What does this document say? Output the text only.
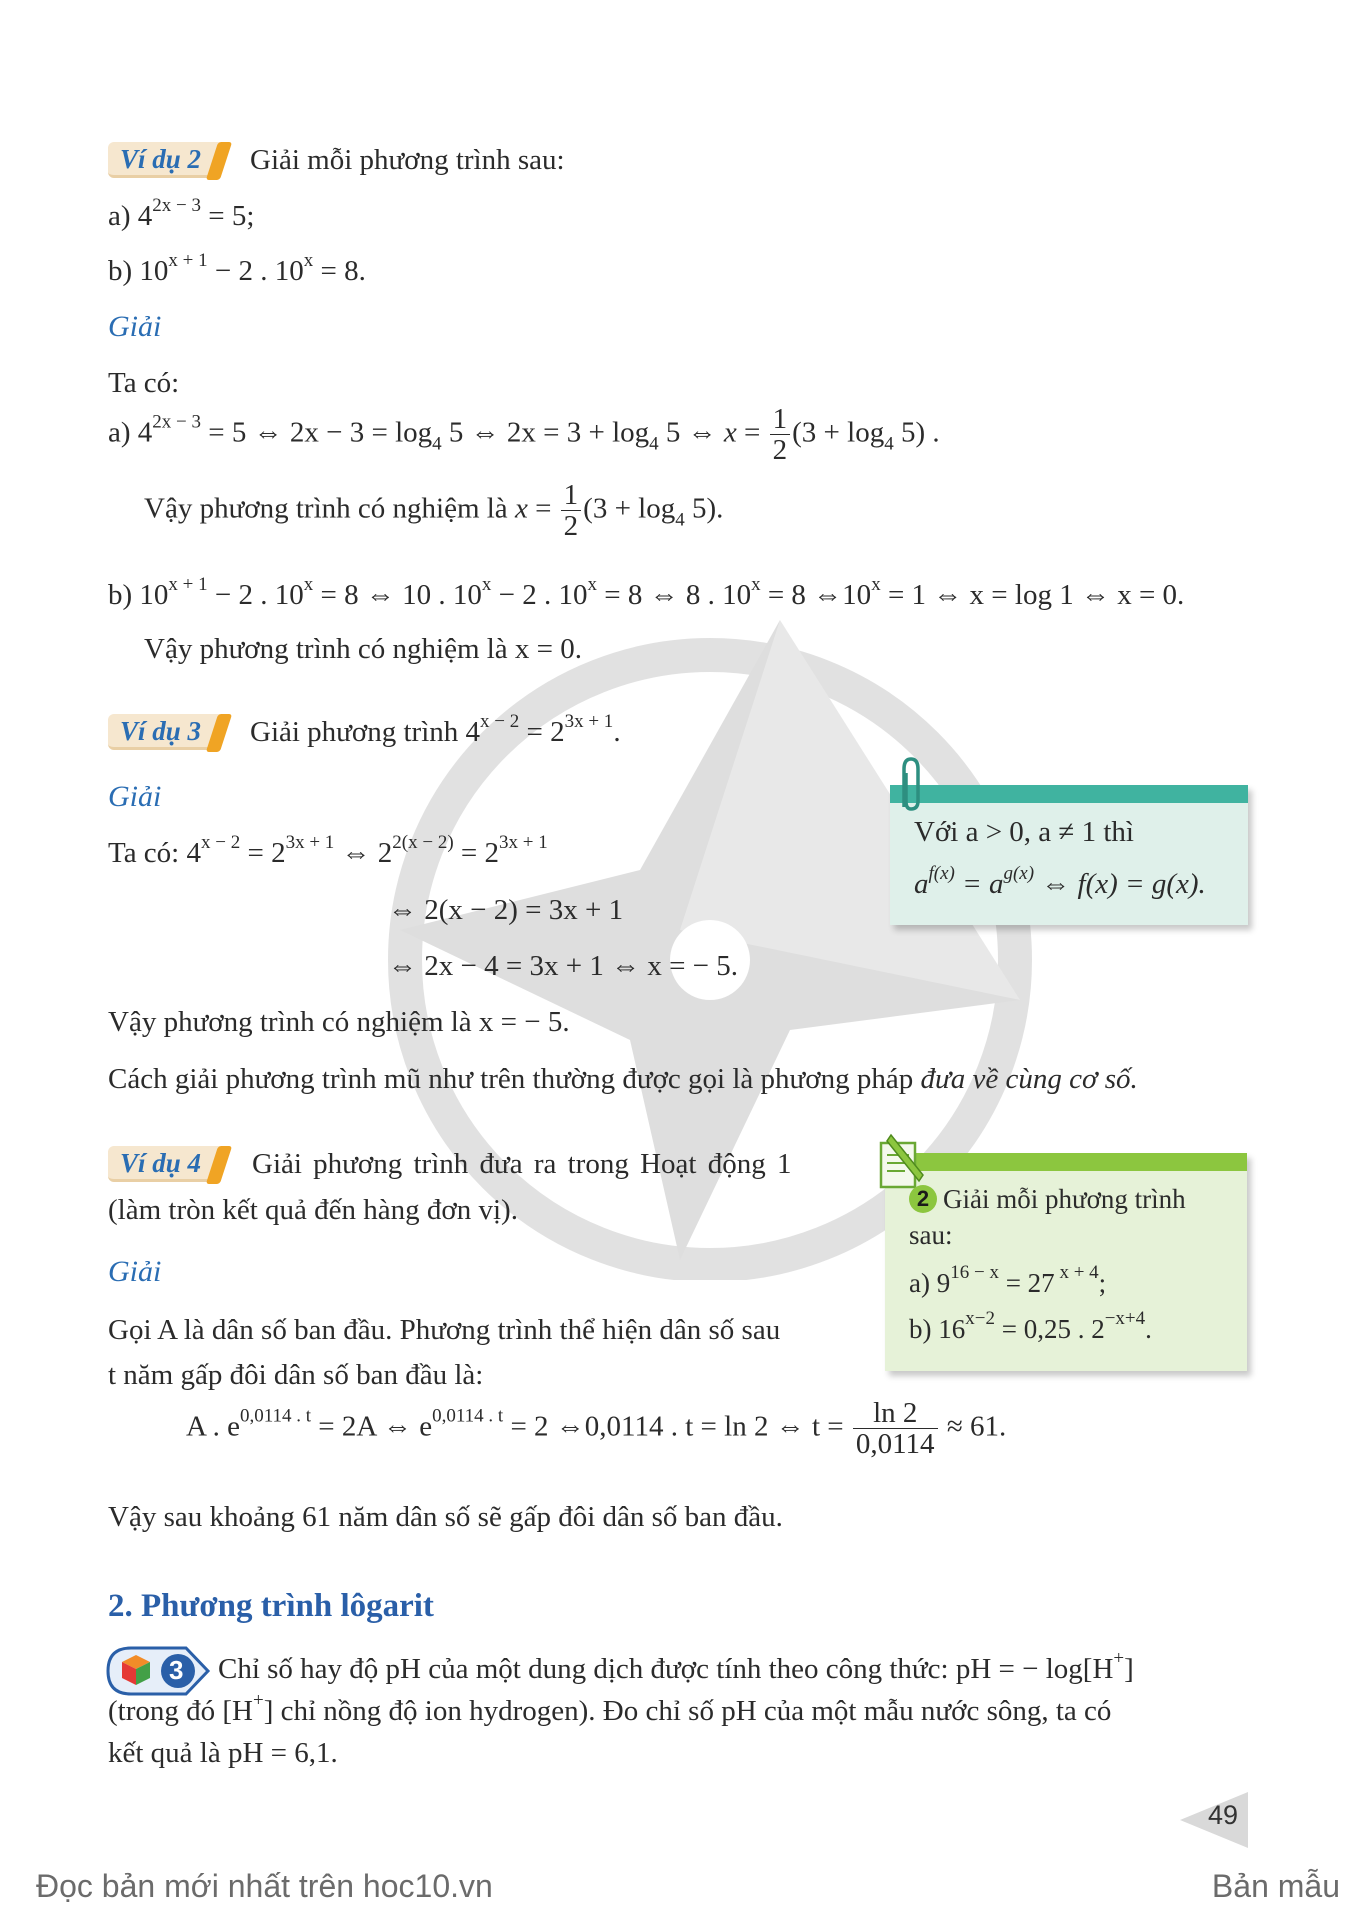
Ví dụ 2 Giải mỗi phương trình sau:
a) $4^{2x - 3} = 5$;
b) $10^{x + 1} - 2$ . $10^x = 8$.
Giải
Ta có:
a) $4^{2x - 3} = 5$ ⇔ $2x - 3 = \log_4 5$ ⇔ $2x = 3 + \log_4 5$ ⇔ $x = \frac{1}{2} (3 + \log_4 5)$ .
Vậy phương trình có nghiệm là $x = \frac{1}{2} (3 + \log_4 5)$.
b) $10^{x + 1} - 2$ . $10^x = 8$ ⇔ 10 . $10^x - 2$ . $10^x = 8$ ⇔ 8 . $10^x = 8$ $\Leftrightarrow 10^x = 1$ ⇔ x = log 1 ⇔ x = 0.
Vậy phương trình có nghiệm là x = 0.
Ví dụ 3 Giải phương trình $4^{x - 2} = 2^{3x + 1}$.
Giải
Ta có: $4^{x - 2} = 2^{3x + 1}$ ⇔ $2^{2(x - 2)} = 2^{3x + 1}$
⇔ 2(x − 2) = 3x + 1
⇔ 2x − 4 = 3x + 1 ⇔ x = − 5.
Vậy phương trình có nghiệm là x = − 5.
Cách giải phương trình mũ như trên thường được gọi là phương pháp đưa về cùng cơ số.
Với a > 0, a ≠ 1 thì
$a^{f(x)} = a^{g(x)}$ ⇔ f(x) = g(x).
Ví dụ 4 Giải phương trình đưa ra trong Hoạt động 1
(làm tròn kết quả đến hàng đơn vị).
Giải
Gọi A là dân số ban đầu. Phương trình thể hiện dân số sau
t năm gấp đôi dân số ban đầu là:
A . $e^{0,0114 . t} = 2A$ ⇔ $e^{0,0114 . t} = 2$ ⇔0,0114 . t = ln 2 ⇔ $t = \frac{\ln 2}{0,0114} \approx 61$.
Vậy sau khoảng 61 năm dân số sẽ gấp đôi dân số ban đầu.
2 Giải mỗi phương trình
sau:
a) $9^{16 - x} = 27$ $^{x + 4}$;
b) $16^{x-2} = 0,25$ . $2^{-x+4}$.
2. Phương trình lôgarit
3 Chỉ số hay độ pH của một dung dịch được tính theo công thức: pH = − log[H+]
(trong đó [H+] chỉ nồng độ ion hydrogen). Đo chỉ số pH của một mẫu nước sông, ta có
kết quả là pH = 6,1.
49
Đọc bản mới nhất trên hoc10.vn	Bản mẫu
